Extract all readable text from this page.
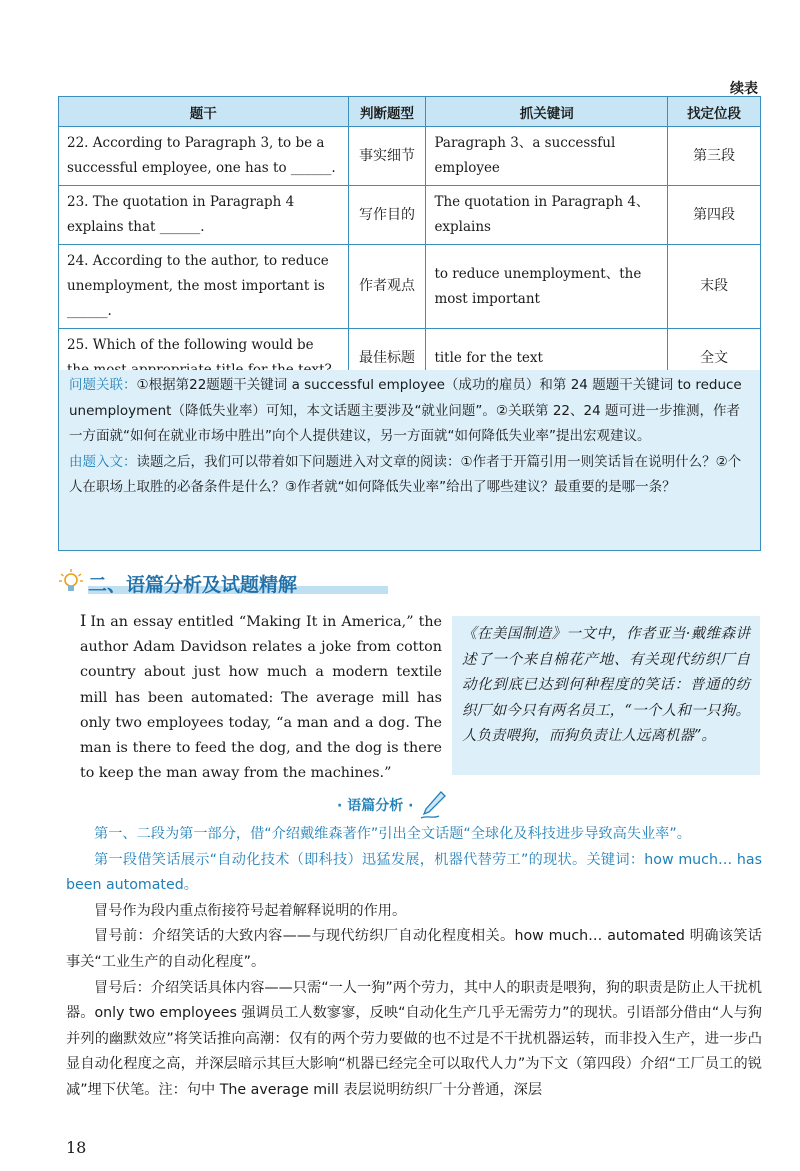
续表
题干	判断题型	抓关键词	找定位段
22. According to Paragraph 3, to be a successful employee, one has to ______.	事实细节	Paragraph 3、a successful employee	第三段
23. The quotation in Paragraph 4 explains that ______.	写作目的	The quotation in Paragraph 4、explains	第四段
24. According to the author, to reduce unemployment, the most important is ______.	作者观点	to reduce unemployment、the most important	末段
25. Which of the following would be	最佳标题	title for the text	全文
问题关联：①根据第22题题干关键词 a successful employee（成功的雇员）和第 24 题题干关键词 to reduce unemployment（降低失业率）可知，本文话题主要涉及“就业问题”。②关联第 22、24 题可进一步推测，作者一方面就“如何在就业市场中胜出”向个人提供建议，另一方面就“如何降低失业率”提出宏观建议。
由题入文：读题之后，我们可以带着如下问题进入对文章的阅读：①作者于开篇引用一则笑话旨在说明什么？②个人在职场上取胜的必备条件是什么？③作者就“如何降低失业率”给出了哪些建议？最重要的是哪一条？
二、语篇分析及试题精解
I In an essay entitled “Making It in America,” the author Adam Davidson relates a joke from cotton country about just how much a modern textile mill has been automated: The average mill has only two employees today, “a man and a dog. The man is there to feed the dog, and the dog is there to keep the man away from the machines.”
《在美国制造》一文中，作者亚当·戴维森讲述了一个来自棉花产地、有关现代纺织厂自动化到底已达到何种程度的笑话：普通的纺织厂如今只有两名员工，“一个人和一只狗。人负责喂狗，而狗负责让人远离机器”。
· 语篇分析 ·

第一、二段为第一部分，借“介绍戴维森著作”引出全文话题“全球化及科技进步导致高失业率”。

第一段借笑话展示“自动化技术（即科技）迅猛发展，机器代替劳工”的现状。关键词：how much… has been automated。

冒号作为段内重点衔接符号起着解释说明的作用。

冒号前：介绍笑话的大致内容——与现代纺织厂自动化程度相关。how much… automated 明确该笑话事关“工业生产的自动化程度”。

冒号后：介绍笑话具体内容——只需“一人一狗”两个劳力，其中人的职责是喂狗，狗的职责是防止人干扰机器。only two employees 强调员工人数寥寥，反映“自动化生产几乎无需劳力”的现状。引语部分借由“人与狗并列的幽默效应”将笑话推向高潮：仅有的两个劳力要做的也不过是不干扰机器运转，而非投入生产，进一步凸显自动化程度之高，并深层暗示其巨大影响“机器已经完全可以取代人力”为下文（第四段）介绍“工厂员工的锐减”埋下伏笔。注：句中 The average mill 表层说明纺织厂十分普通，深层

18
